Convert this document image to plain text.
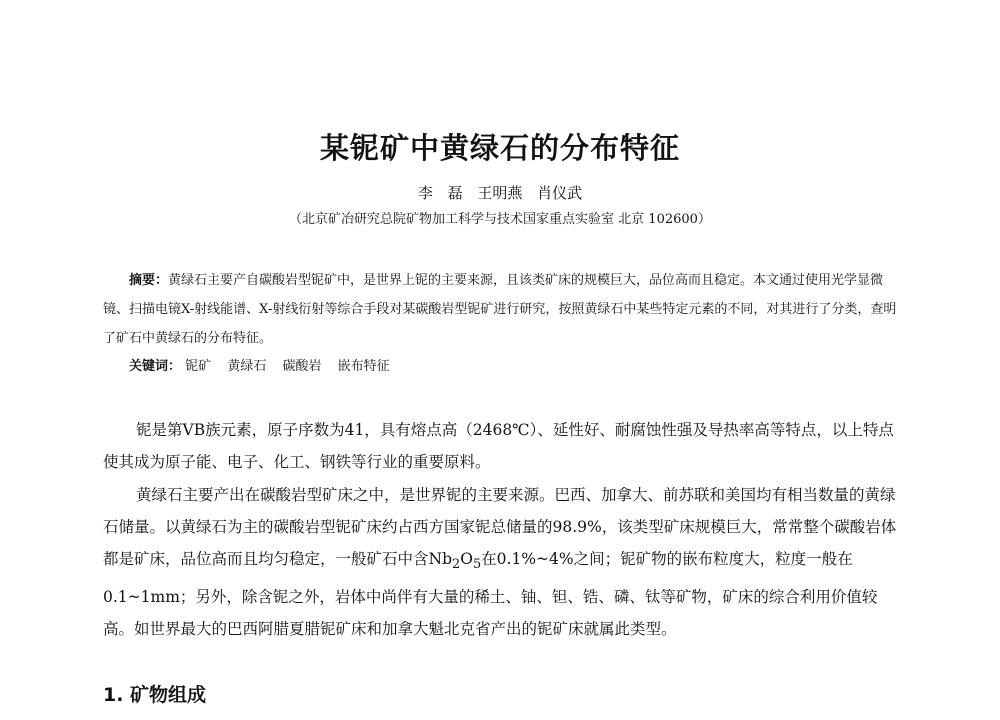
某铌矿中黄绿石的分布特征
李 磊 王明燕 肖仪武
（北京矿冶研究总院矿物加工科学与技术国家重点实验室 北京 102600）
摘要：黄绿石主要产自碳酸岩型铌矿中，是世界上铌的主要来源，且该类矿床的规模巨大，品位高而且稳定。本文通过使用光学显微镜、扫描电镜X-射线能谱、X-射线衍射等综合手段对某碳酸岩型铌矿进行研究，按照黄绿石中某些特定元素的不同，对其进行了分类，查明了矿石中黄绿石的分布特征。
关键词： 铌矿 黄绿石 碳酸岩 嵌布特征
铌是第VB族元素，原子序数为41，具有熔点高（2468℃）、延性好、耐腐蚀性强及导热率高等特点，以上特点使其成为原子能、电子、化工、钢铁等行业的重要原料。
黄绿石主要产出在碳酸岩型矿床之中，是世界铌的主要来源。巴西、加拿大、前苏联和美国均有相当数量的黄绿石储量。以黄绿石为主的碳酸岩型铌矿床约占西方国家铌总储量的98.9%，该类型矿床规模巨大，常常整个碳酸岩体都是矿床，品位高而且均匀稳定，一般矿石中含$Nb_2O_5$在0.1%~4%之间；铌矿物的嵌布粒度大，粒度一般在0.1~1mm；另外，除含铌之外，岩体中尚伴有大量的稀土、铀、钽、锆、磷、钛等矿物，矿床的综合利用价值较高。如世界最大的巴西阿腊夏腊铌矿床和加拿大魁北克省产出的铌矿床就属此类型。
1. 矿物组成
